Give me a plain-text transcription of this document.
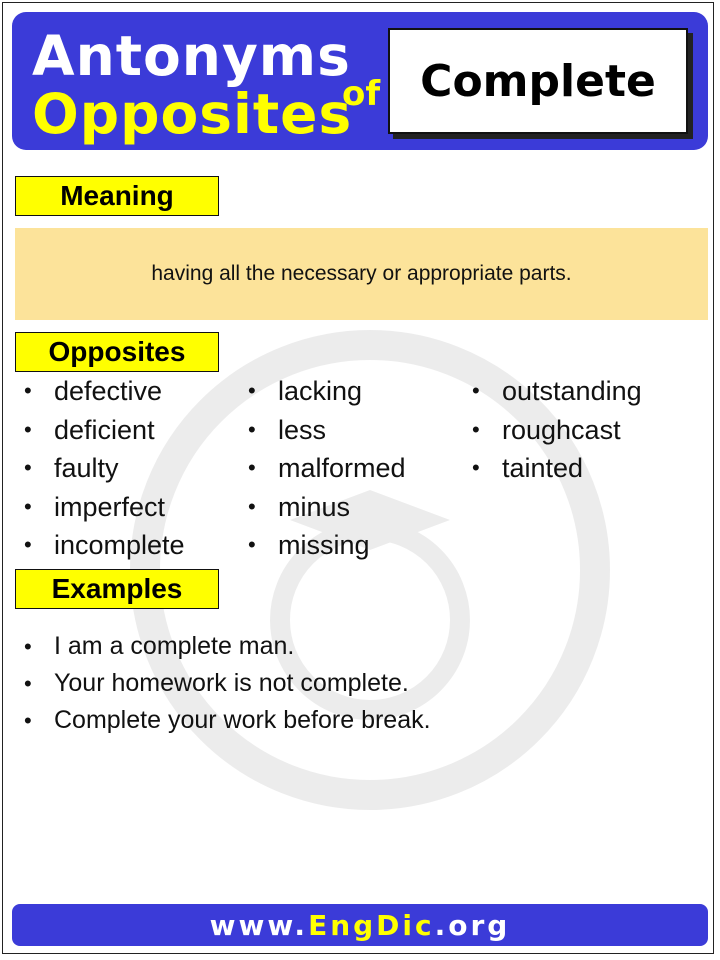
Antonyms
Opposites
of Complete
Meaning
having all the necessary or appropriate parts.
Opposites
• defective
• deficient
• faulty
• imperfect
• incomplete
• lacking
• less
• malformed
• minus
• missing
• outstanding
• roughcast
• tainted
Examples
• I am a complete man.
• Your homework is not complete.
• Complete your work before break.
www. EngDic .org
